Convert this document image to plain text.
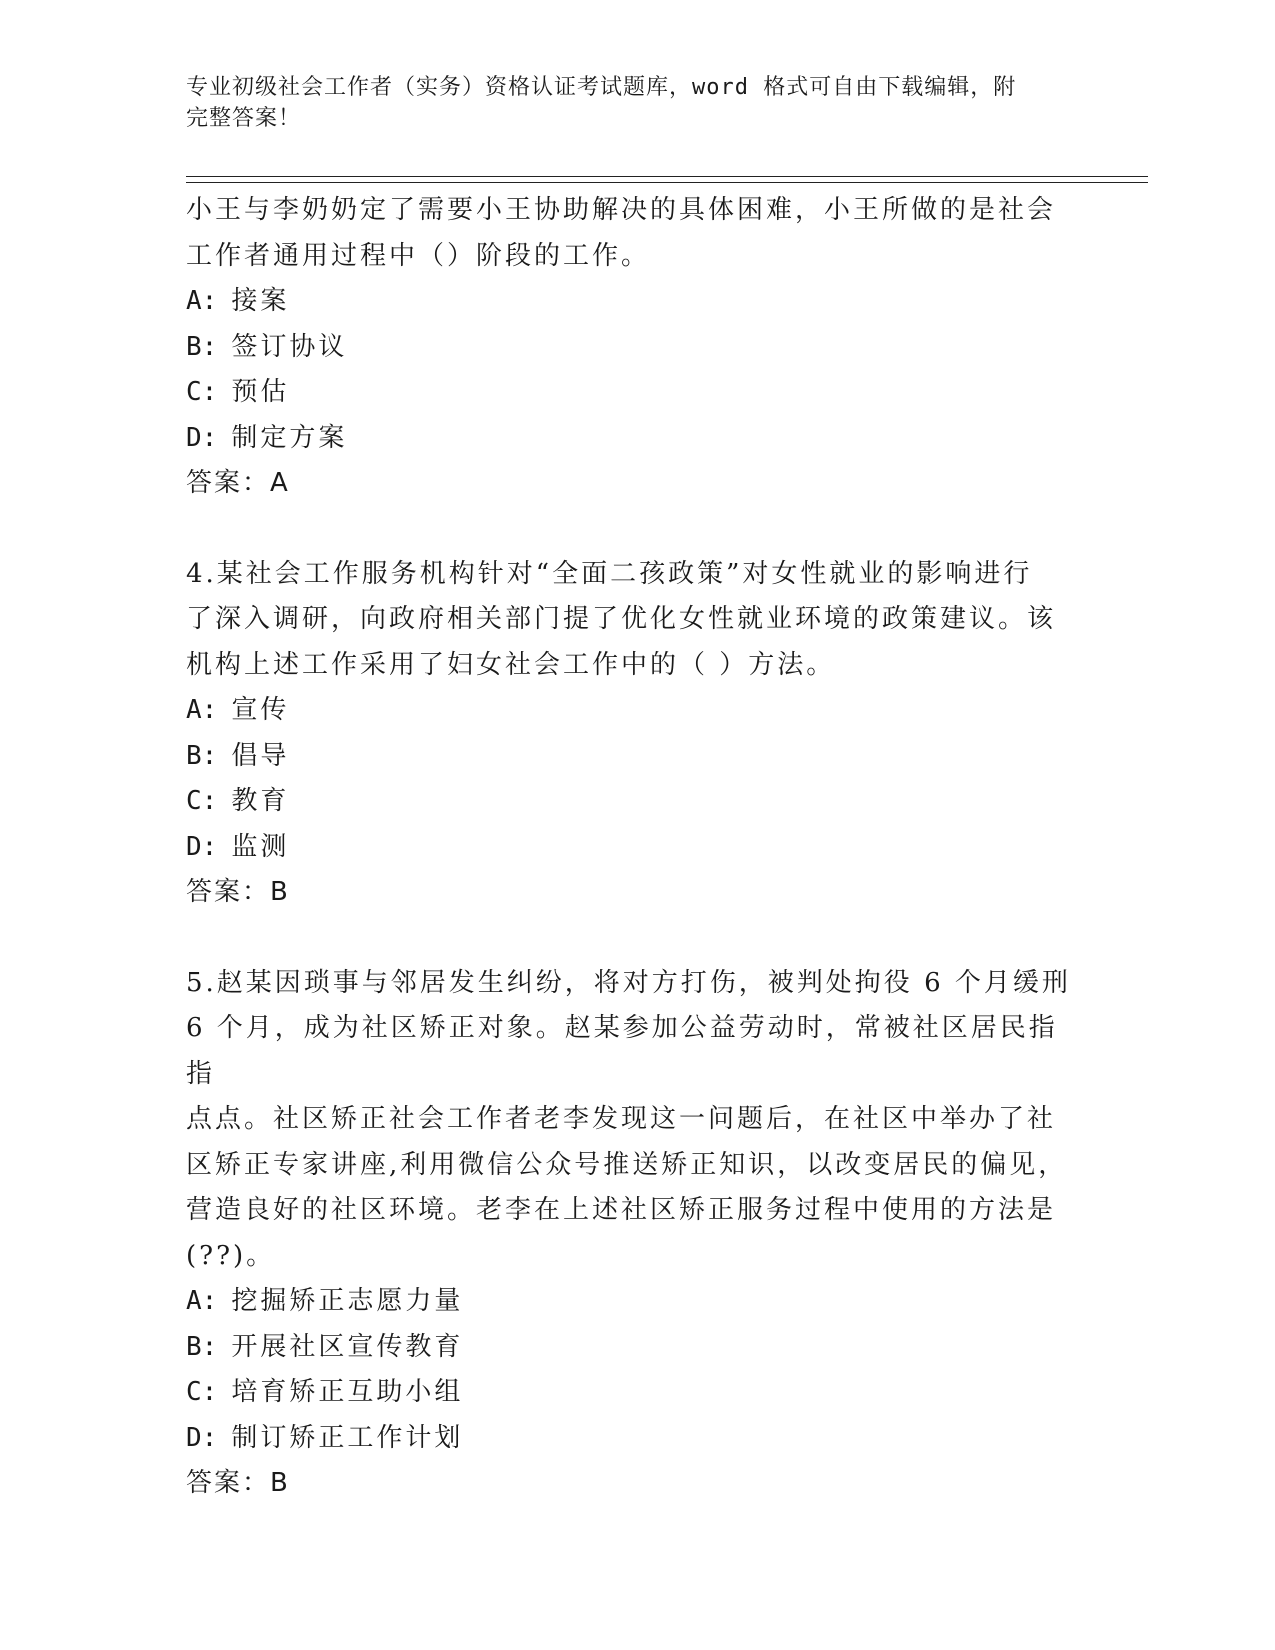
专业初级社会工作者（实务）资格认证考试题库，word 格式可自由下载编辑，附
完整答案！

小王与李奶奶定了需要小王协助解决的具体困难，小王所做的是社会
工作者通用过程中（）阶段的工作。

A: 接案

B: 签订协议

C: 预估

D: 制定方案

答案：A

4.某社会工作服务机构针对“全面二孩政策”对女性就业的影响进行
了深入调研，向政府相关部门提了优化女性就业环境的政策建议。该
机构上述工作采用了妇女社会工作中的（ ）方法。

A: 宣传

B: 倡导

C: 教育

D: 监测

答案：B

5.赵某因琐事与邻居发生纠纷，将对方打伤，被判处拘役 6 个月缓刑
6 个月，成为社区矫正对象。赵某参加公益劳动时，常被社区居民指指
点点。社区矫正社会工作者老李发现这一问题后，在社区中举办了社
区矫正专家讲座,利用微信公众号推送矫正知识，以改变居民的偏见，
营造良好的社区环境。老李在上述社区矫正服务过程中使用的方法是
(??)。

A: 挖掘矫正志愿力量

B: 开展社区宣传教育

C: 培育矫正互助小组

D: 制订矫正工作计划

答案：B
